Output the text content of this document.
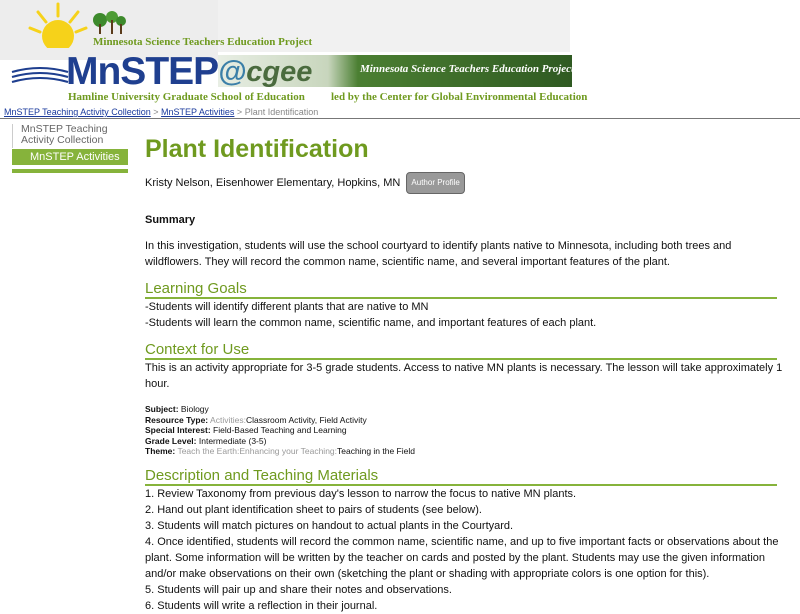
Minnesota Science Teachers Education Project
MnSTEP
Hamline University Graduate School of Education
@cgee	Minnesota Science Teachers Education Project
led by the Center for Global Environmental Education
MnSTEP Teaching Activity Collection > MnSTEP Activities > Plant Identification
MnSTEP Teaching Activity Collection
MnSTEP Activities	Plant Identification
Kristy Nelson, Eisenhower Elementary, Hopkins, MN Author Profile
Summary
In this investigation, students will use the school courtyard to identify plants native to Minnesota, including both trees and wildflowers. They will record the common name, scientific name, and several important features of the plant.
Learning Goals
-Students will identify different plants that are native to MN
-Students will learn the common name, scientific name, and important features of each plant.
Context for Use
This is an activity appropriate for 3-5 grade students. Access to native MN plants is necessary. The lesson will take approximately 1 hour.
Subject: Biology
Resource Type: Activities:Classroom Activity, Field Activity
Special Interest: Field-Based Teaching and Learning
Grade Level: Intermediate (3-5)
Theme: Teach the Earth:Enhancing your Teaching:Teaching in the Field
Description and Teaching Materials
1. Review Taxonomy from previous day's lesson to narrow the focus to native MN plants.
2. Hand out plant identification sheet to pairs of students (see below).
3. Students will match pictures on handout to actual plants in the Courtyard.
4. Once identified, students will record the common name, scientific name, and up to five important facts or observations about the plant. Some information will be written by the teacher on cards and posted by the plant. Students may use the given information and/or make observations on their own (sketching the plant or shading with appropriate colors is one option for this).
5. Students will pair up and share their notes and observations.
6. Students will write a reflection in their journal.
